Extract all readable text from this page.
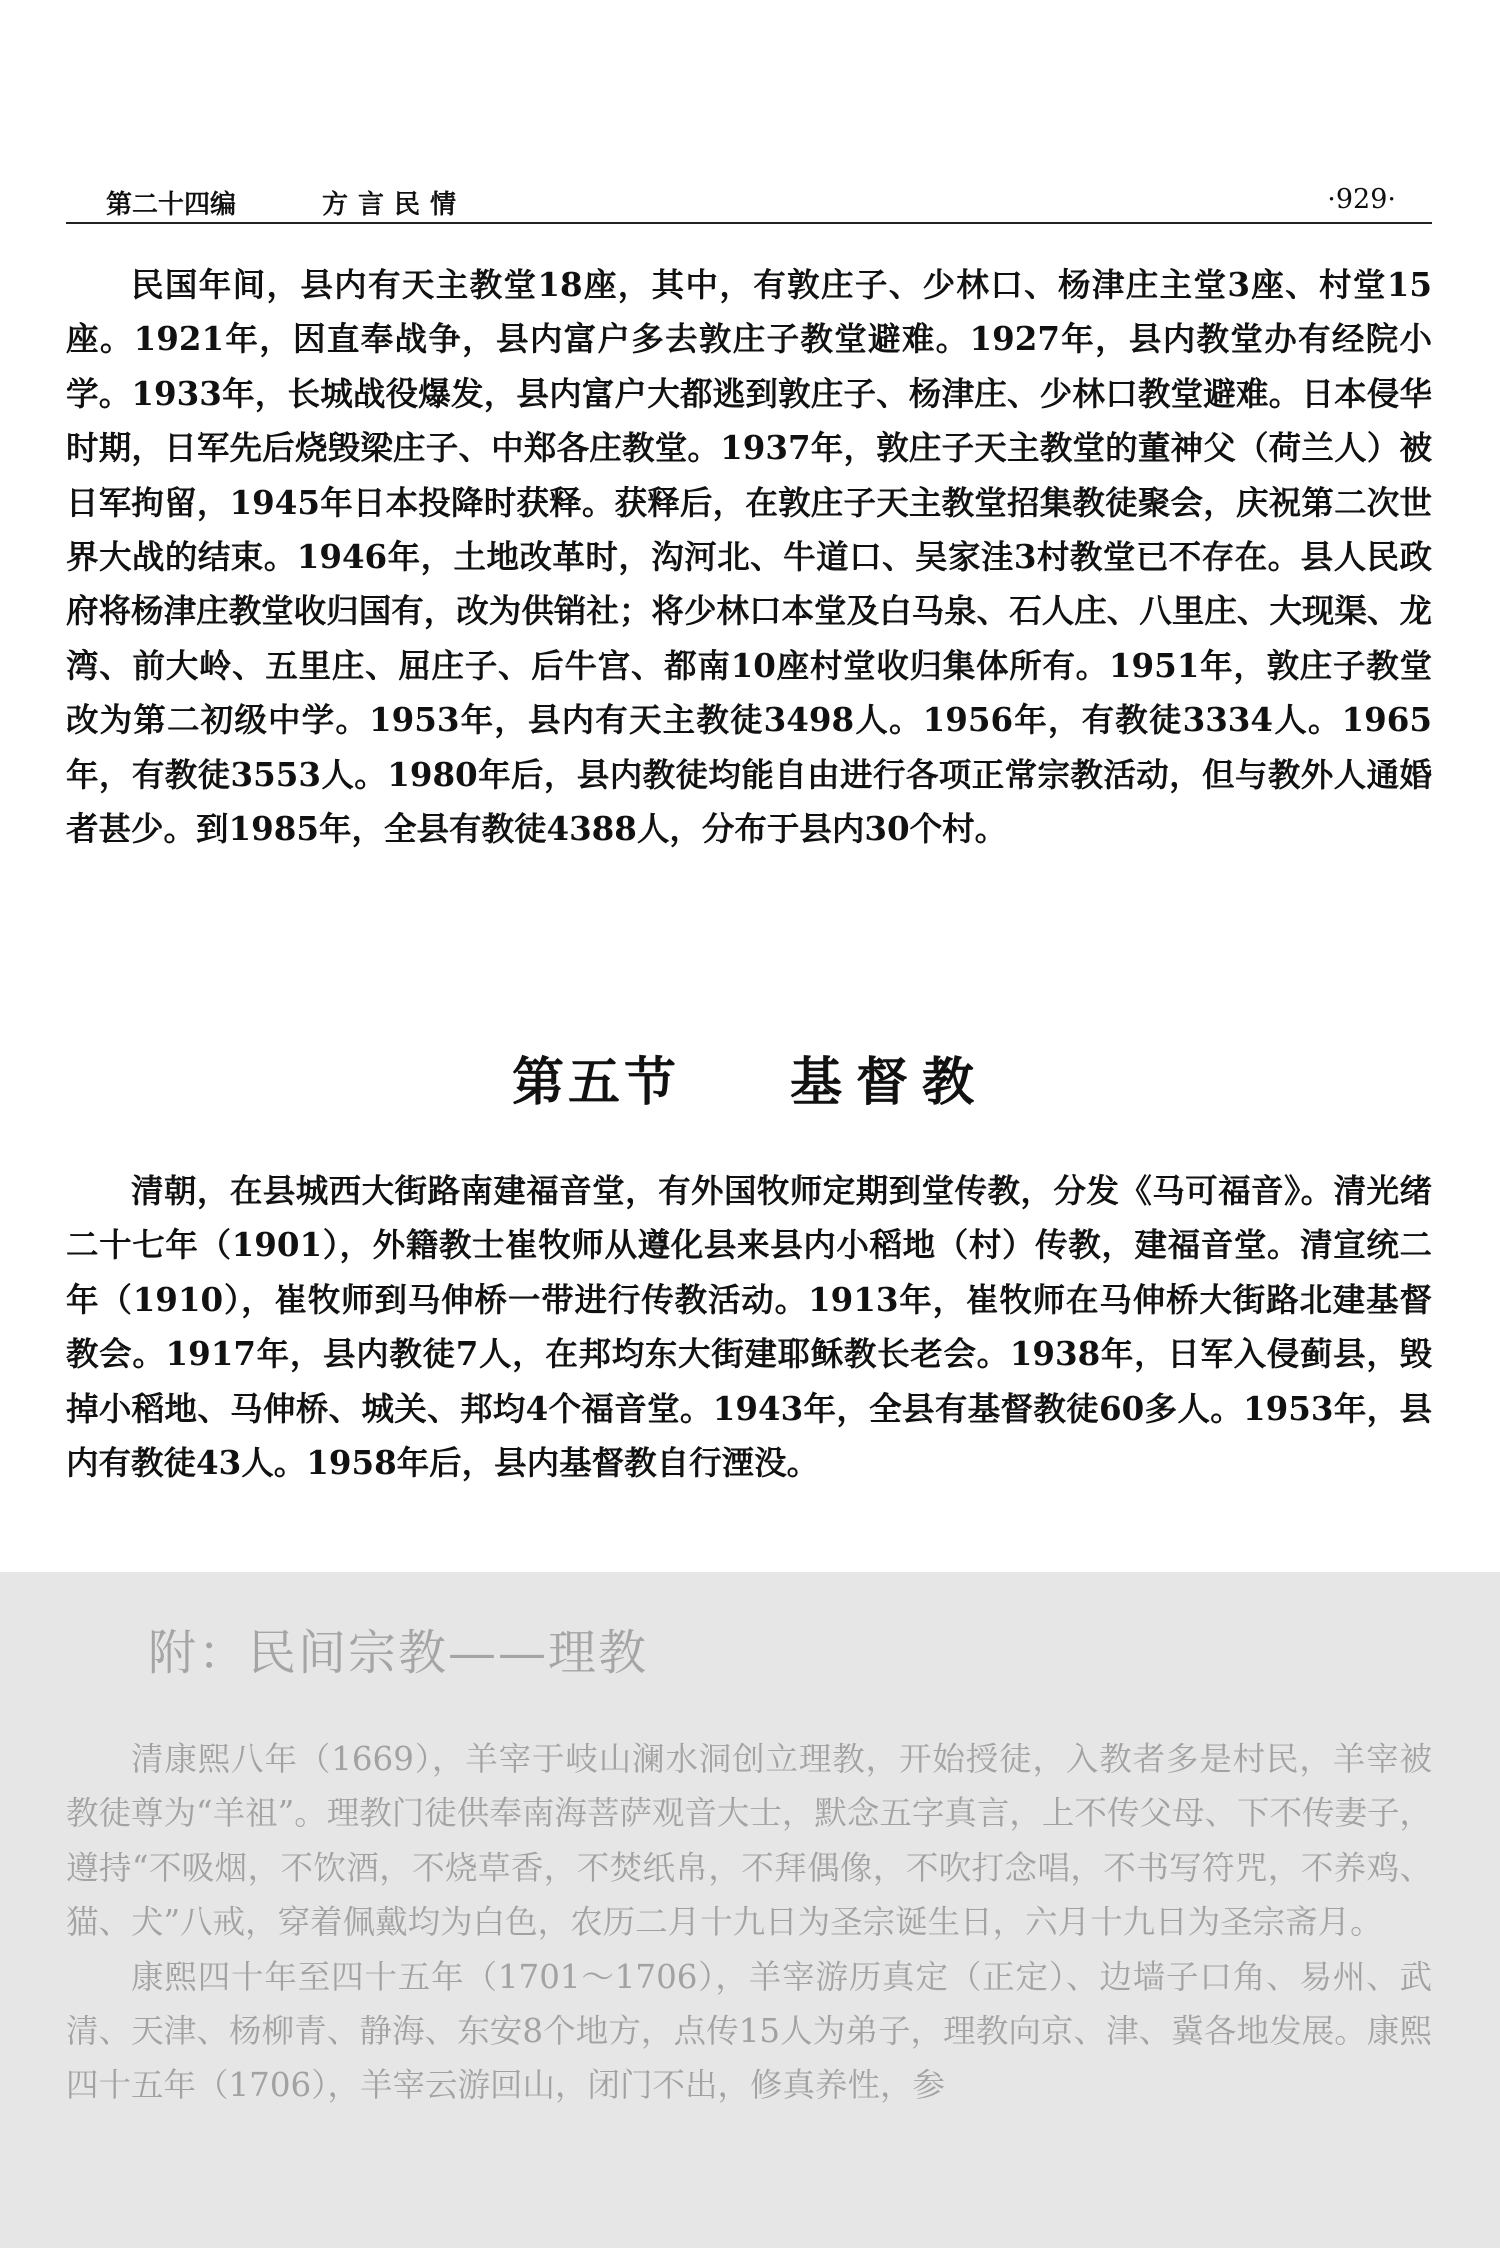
第二十四编	方言民情	·929·

民国年间，县内有天主教堂18座，其中，有敦庄子、少林口、杨津庄主堂3座、村堂15座。1921年，因直奉战争，县内富户多去敦庄子教堂避难。1927年，县内教堂办有经院小学。1933年，长城战役爆发，县内富户大都逃到敦庄子、杨津庄、少林口教堂避难。日本侵华时期，日军先后烧毁梁庄子、中郑各庄教堂。1937年，敦庄子天主教堂的董神父（荷兰人）被日军拘留，1945年日本投降时获释。获释后，在敦庄子天主教堂招集教徒聚会，庆祝第二次世界大战的结束。1946年，土地改革时，沟河北、牛道口、吴家洼3村教堂已不存在。县人民政府将杨津庄教堂收归国有，改为供销社；将少林口本堂及白马泉、石人庄、八里庄、大现渠、龙湾、前大岭、五里庄、屈庄子、后牛宫、都南10座村堂收归集体所有。1951年，敦庄子教堂改为第二初级中学。1953年，县内有天主教徒3498人。1956年，有教徒3334人。1965年，有教徒3553人。1980年后，县内教徒均能自由进行各项正常宗教活动，但与教外人通婚者甚少。到1985年，全县有教徒4388人，分布于县内30个村。

第五节 基督教

清朝，在县城西大街路南建福音堂，有外国牧师定期到堂传教，分发《马可福音》。清光绪二十七年（1901），外籍教士崔牧师从遵化县来县内小稻地（村）传教，建福音堂。清宣统二年（1910），崔牧师到马伸桥一带进行传教活动。1913年，崔牧师在马伸桥大街路北建基督教会。1917年，县内教徒7人，在邦均东大街建耶稣教长老会。1938年，日军入侵蓟县，毁掉小稻地、马伸桥、城关、邦均4个福音堂。1943年，全县有基督教徒60多人。1953年，县内有教徒43人。1958年后，县内基督教自行湮没。

附：民间宗教——理教

清康熙八年（1669），羊宰于岐山澜水洞创立理教，开始授徒，入教者多是村民，羊宰被教徒尊为“羊祖”。理教门徒供奉南海菩萨观音大士，默念五字真言，上不传父母、下不传妻子，遵持“不吸烟，不饮酒，不烧草香，不焚纸帛，不拜偶像，不吹打念唱，不书写符咒，不养鸡、猫、犬”八戒，穿着佩戴均为白色，农历二月十九日为圣宗诞生日，六月十九日为圣宗斋月。

康熙四十年至四十五年（1701～1706），羊宰游历真定（正定）、边墙子口角、易州、武清、天津、杨柳青、静海、东安8个地方，点传15人为弟子，理教向京、津、冀各地发展。康熙四十五年（1706），羊宰云游回山，闭门不出，修真养性，参
